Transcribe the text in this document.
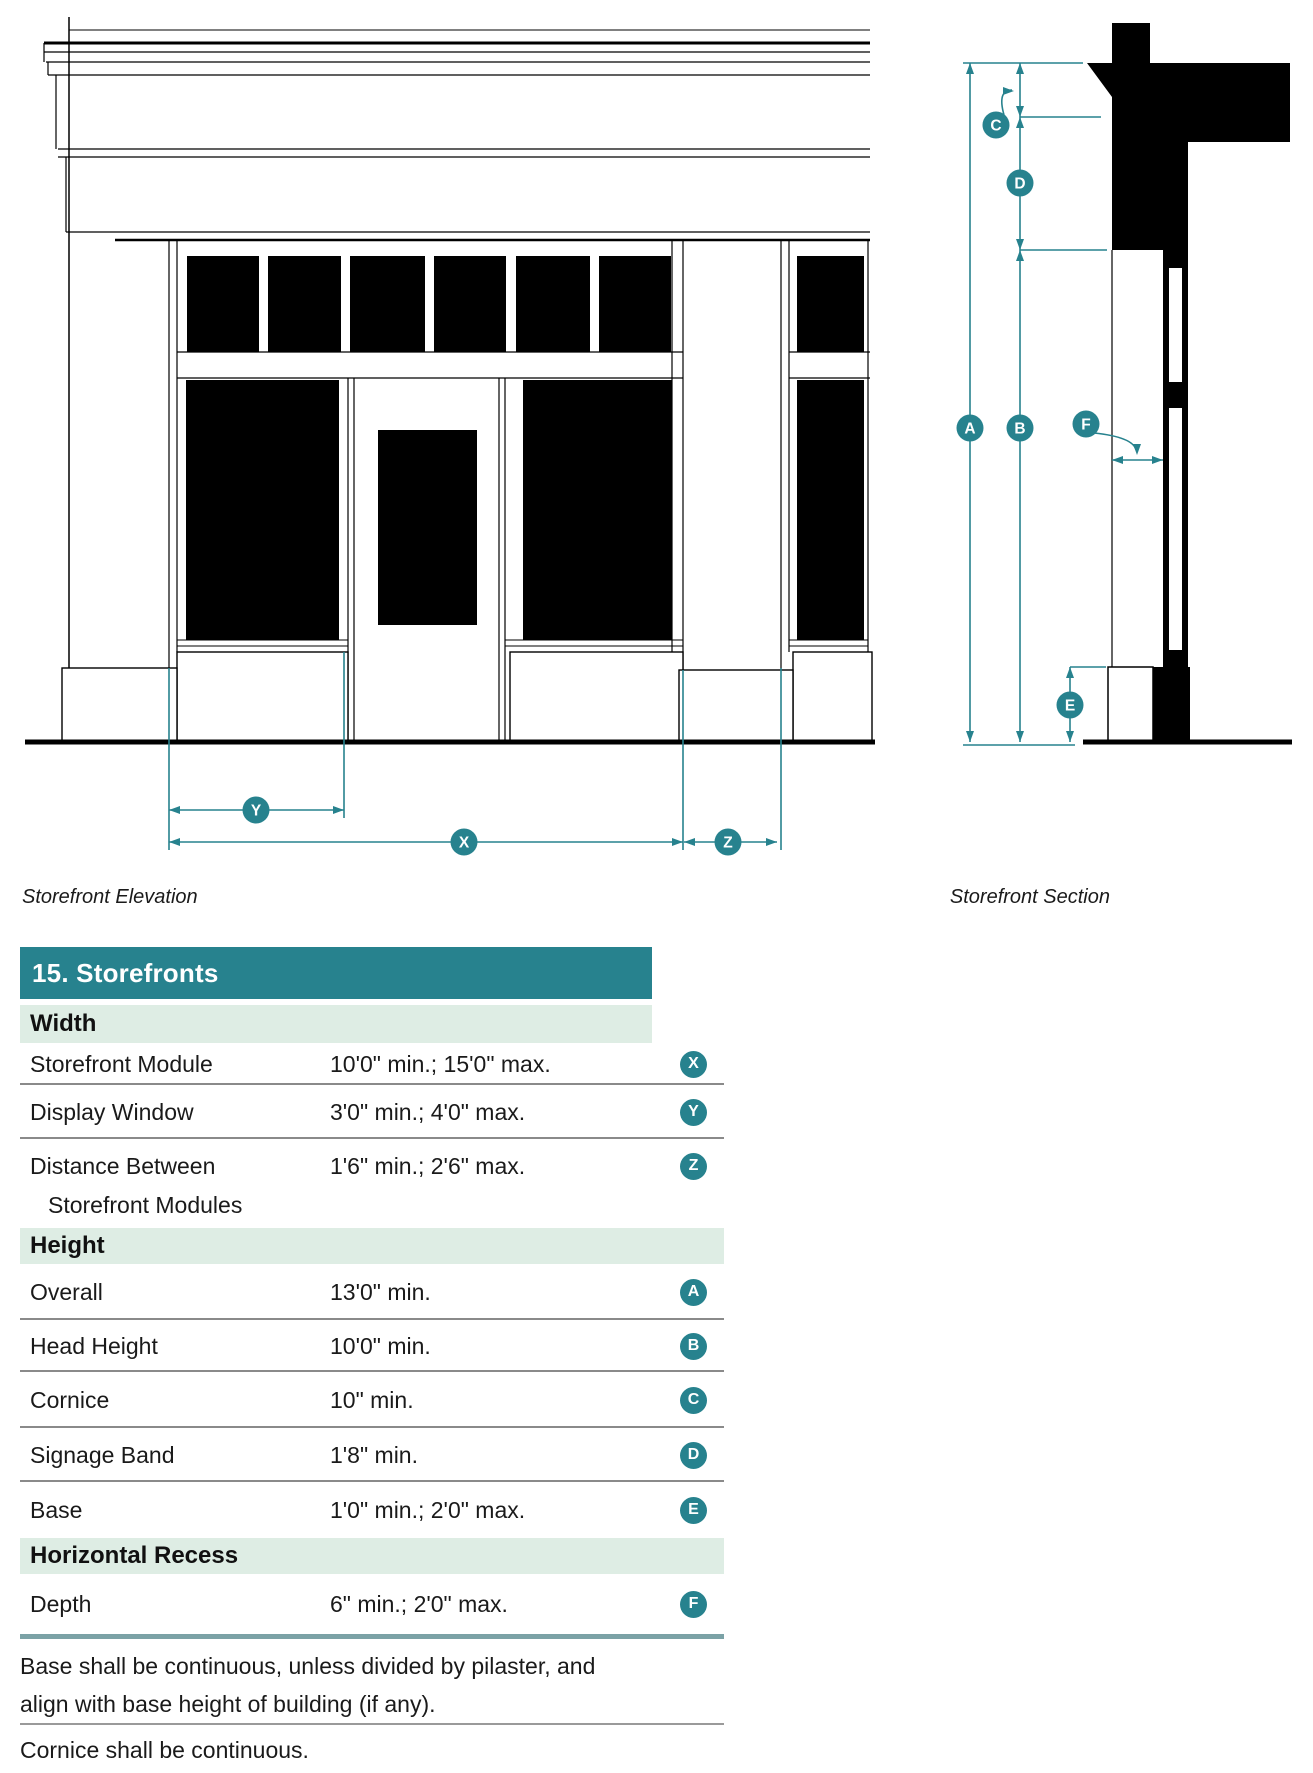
Y
X	Z
A	B
C
D
E
F
Storefront Elevation	Storefront Section
15. Storefronts
Width
Storefront Module	10'0" min.; 15'0" max.	X
Display Window	3'0" min.; 4'0" max.	Y
Distance Between
Storefront Modules
1'6" min.; 2'6" max.	Z
Height
Overall	13'0" min.	A
Head Height	10'0" min.	B
Cornice	10" min.	C
Signage Band	1'8" min.	D
Base	1'0" min.; 2'0" max.	E
Horizontal Recess
Depth	6" min.; 2'0" max.	F
Base shall be continuous, unless divided by pilaster, and align with base height of building (if any).
Cornice shall be continuous.
